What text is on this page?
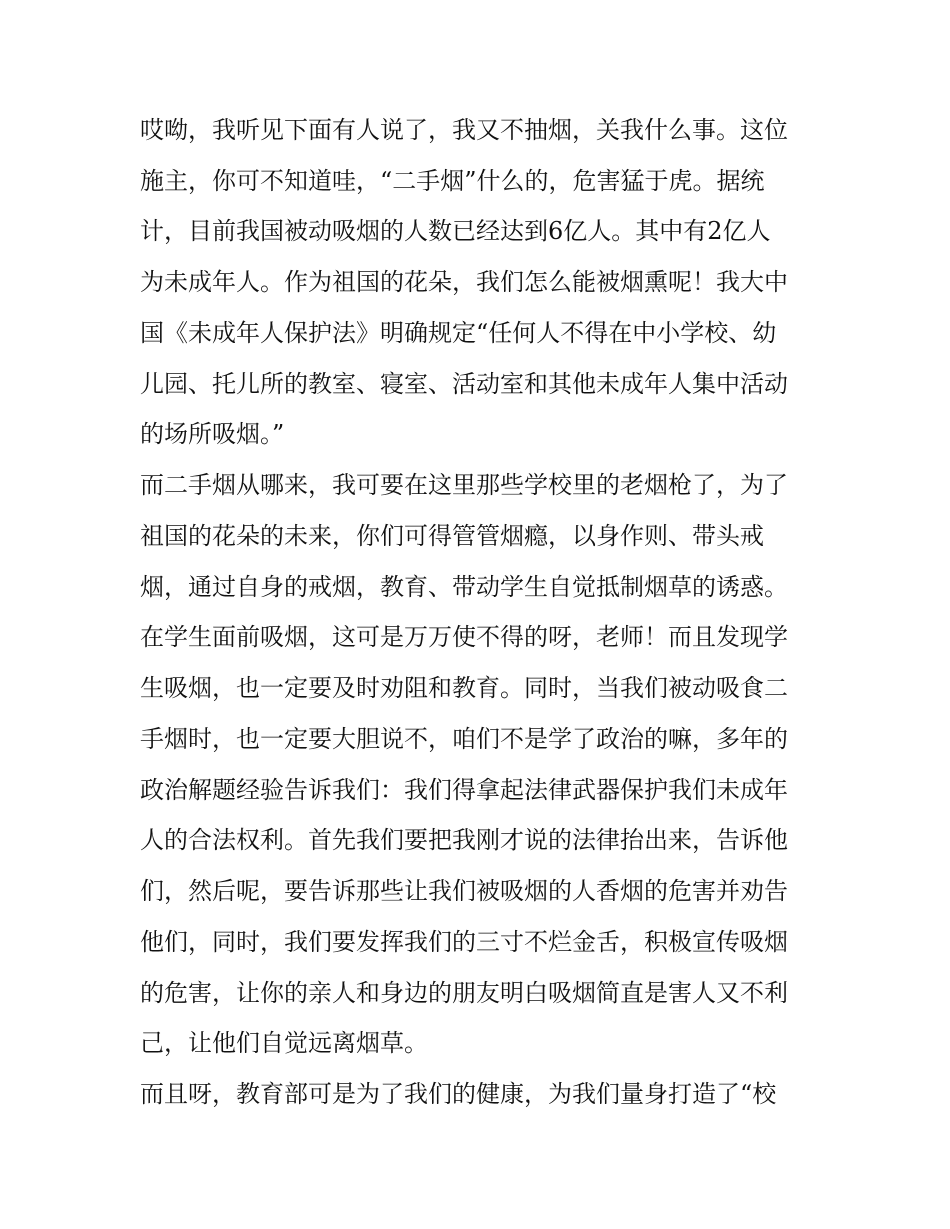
哎呦，我听见下面有人说了，我又不抽烟，关我什么事。这位
施主，你可不知道哇，“二手烟”什么的，危害猛于虎。据统
计，目前我国被动吸烟的人数已经达到6亿人。其中有2亿人
为未成年人。作为祖国的花朵，我们怎么能被烟熏呢！我大中
国《未成年人保护法》明确规定“任何人不得在中小学校、幼
儿园、托儿所的教室、寝室、活动室和其他未成年人集中活动
的场所吸烟。”
而二手烟从哪来，我可要在这里那些学校里的老烟枪了，为了
祖国的花朵的未来，你们可得管管烟瘾，以身作则、带头戒
烟，通过自身的戒烟，教育、带动学生自觉抵制烟草的诱惑。
在学生面前吸烟，这可是万万使不得的呀，老师！而且发现学
生吸烟，也一定要及时劝阻和教育。同时，当我们被动吸食二
手烟时，也一定要大胆说不，咱们不是学了政治的嘛，多年的
政治解题经验告诉我们：我们得拿起法律武器保护我们未成年
人的合法权利。首先我们要把我刚才说的法律抬出来，告诉他
们，然后呢，要告诉那些让我们被吸烟的人香烟的危害并劝告
他们，同时，我们要发挥我们的三寸不烂金舌，积极宣传吸烟
的危害，让你的亲人和身边的朋友明白吸烟简直是害人又不利
己，让他们自觉远离烟草。
而且呀，教育部可是为了我们的健康，为我们量身打造了“校
